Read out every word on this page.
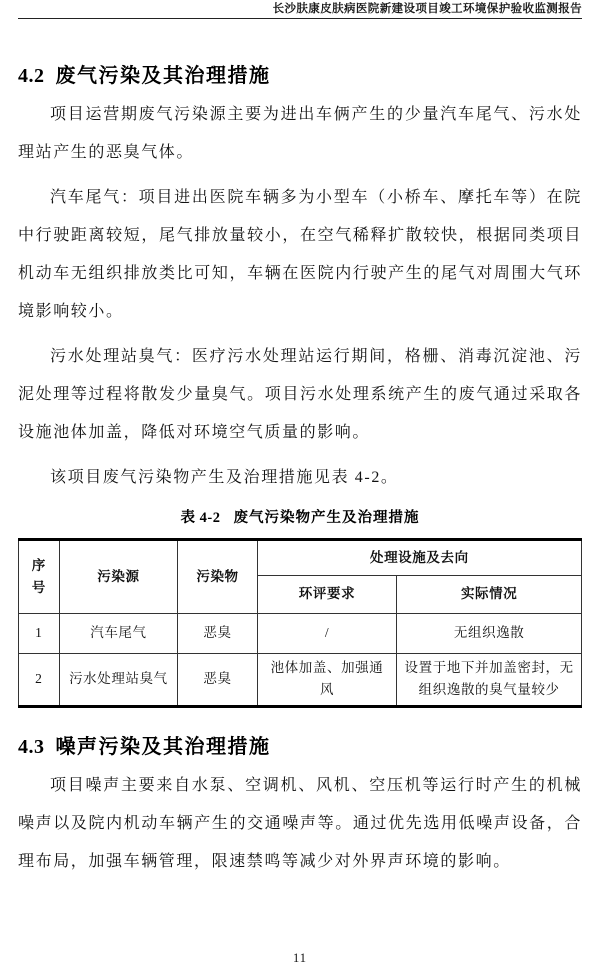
长沙肤康皮肤病医院新建设项目竣工环境保护验收监测报告
4.2 废气污染及其治理措施

项目运营期废气污染源主要为进出车俩产生的少量汽车尾气、污水处理站产生的恶臭气体。

汽车尾气：项目进出医院车辆多为小型车（小桥车、摩托车等）在院中行驶距离较短，尾气排放量较小，在空气稀释扩散较快，根据同类项目机动车无组织排放类比可知，车辆在医院内行驶产生的尾气对周围大气环境影响较小。

污水处理站臭气：医疗污水处理站运行期间，格栅、消毒沉淀池、污泥处理等过程将散发少量臭气。项目污水处理系统产生的废气通过采取各设施池体加盖，降低对环境空气质量的影响。

该项目废气污染物产生及治理措施见表 4-2。

表 4-2 废气污染物产生及治理措施
序号	污染源	污染物	处理设施及去向	
			环评要求	实际情况
1	汽车尾气	恶臭	/	无组织逸散
2	污水处理站臭气	恶臭	池体加盖、加强通风	设置于地下并加盖密封，无组织逸散的臭气量较少
4.3 噪声污染及其治理措施

项目噪声主要来自水泵、空调机、风机、空压机等运行时产生的机械噪声以及院内机动车辆产生的交通噪声等。通过优先选用低噪声设备，合理布局，加强车辆管理，限速禁鸣等减少对外界声环境的影响。

11
